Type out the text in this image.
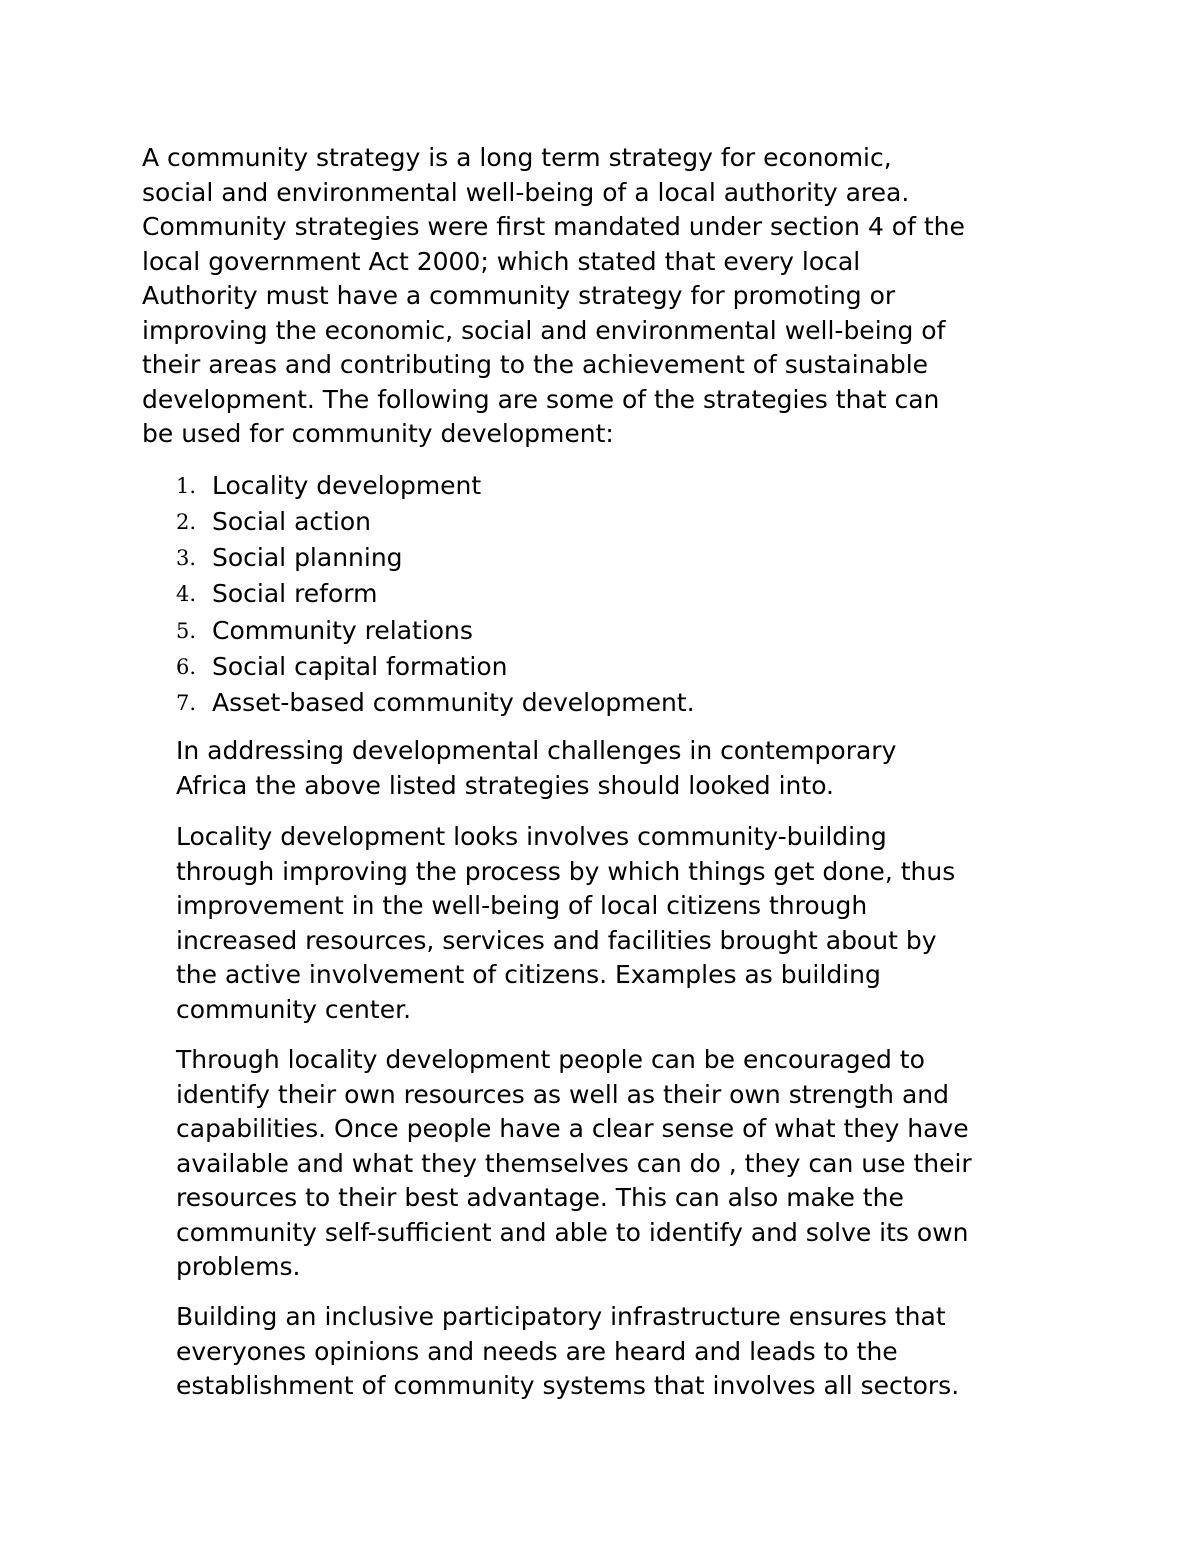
A community strategy is a long term strategy for economic,
social and environmental well-being of a local authority area.
Community strategies were first mandated under section 4 of the
local government Act 2000; which stated that every local
Authority must have a community strategy for promoting or
improving the economic, social and environmental well-being of
their areas and contributing to the achievement of sustainable
development. The following are some of the strategies that can
be used for community development:

1. Locality development
2. Social action
3. Social planning
4. Social reform
5. Community relations
6. Social capital formation
7. Asset-based community development.

In addressing developmental challenges in contemporary
Africa the above listed strategies should looked into.

Locality development looks involves community-building
through improving the process by which things get done, thus
improvement in the well-being of local citizens through
increased resources, services and facilities brought about by
the active involvement of citizens. Examples as building
community center.

Through locality development people can be encouraged to
identify their own resources as well as their own strength and
capabilities. Once people have a clear sense of what they have
available and what they themselves can do , they can use their
resources to their best advantage. This can also make the
community self-sufficient and able to identify and solve its own
problems.

Building an inclusive participatory infrastructure ensures that
everyones opinions and needs are heard and leads to the
establishment of community systems that involves all sectors.
